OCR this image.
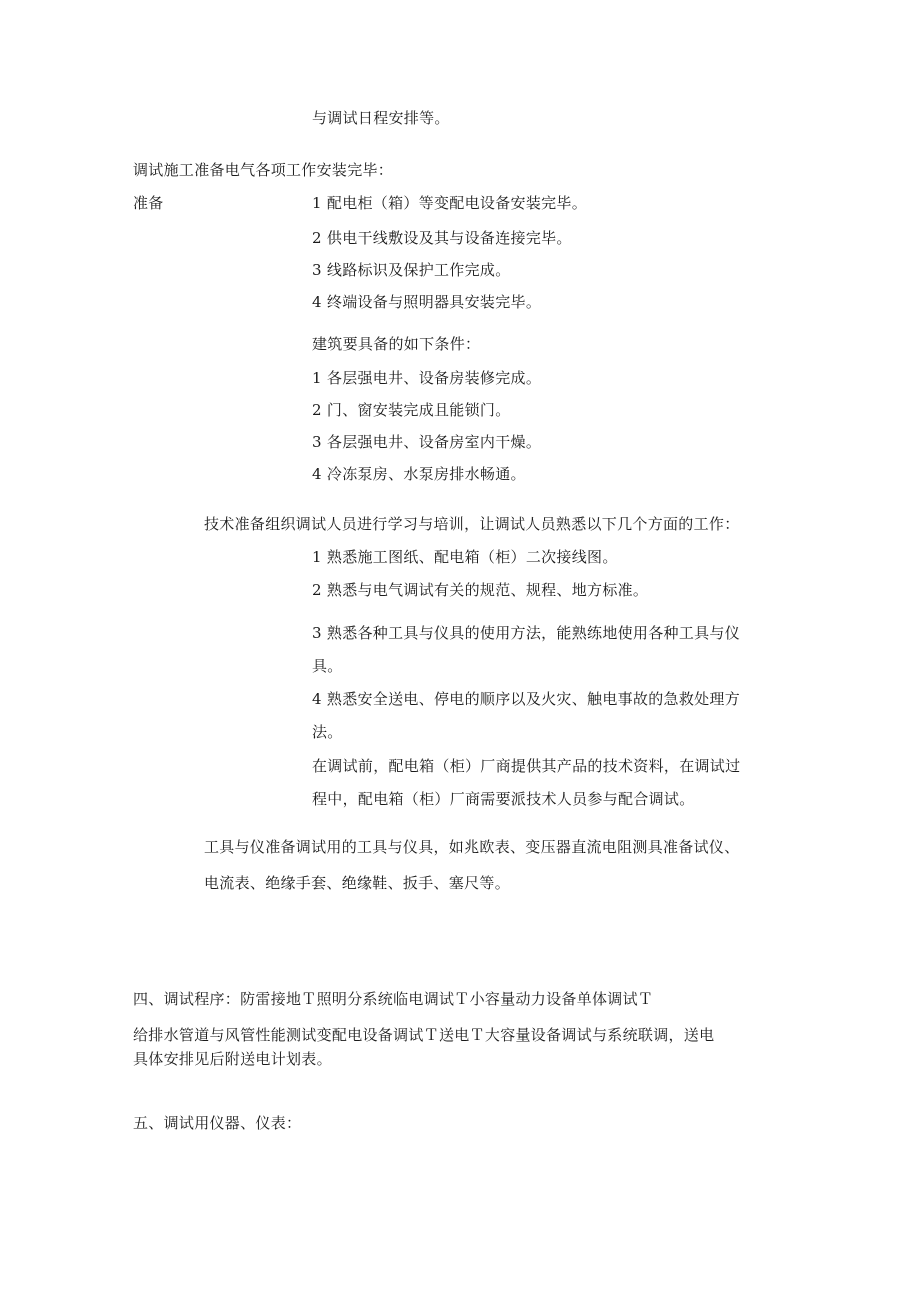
与调试日程安排等。
调试施工准备电气各项工作安装完毕：
准备	1 配电柜（箱）等变配电设备安装完毕。
2 供电干线敷设及其与设备连接完毕。
3 线路标识及保护工作完成。
4 终端设备与照明器具安装完毕。
建筑要具备的如下条件：
1 各层强电井、设备房装修完成。
2 门、窗安装完成且能锁门。
3 各层强电井、设备房室内干燥。
4 冷冻泵房、水泵房排水畅通。
技术准备组织调试人员进行学习与培训，让调试人员熟悉以下几个方面的工作：
1 熟悉施工图纸、配电箱（柜）二次接线图。
2 熟悉与电气调试有关的规范、规程、地方标准。
3 熟悉各种工具与仪具的使用方法，能熟练地使用各种工具与仪
具。
4 熟悉安全送电、停电的顺序以及火灾、触电事故的急救处理方
法。
在调试前，配电箱（柜）厂商提供其产品的技术资料，在调试过
程中，配电箱（柜）厂商需要派技术人员参与配合调试。
工具与仪准备调试用的工具与仪具，如兆欧表、变压器直流电阻测具准备试仪、
电流表、绝缘手套、绝缘鞋、扳手、塞尺等。
四、调试程序：防雷接地Ｔ照明分系统临电调试Ｔ小容量动力设备单体调试Ｔ
给排水管道与风管性能测试变配电设备调试Ｔ送电Ｔ大容量设备调试与系统联调，送电
具体安排见后附送电计划表。
五、调试用仪器、仪表：
